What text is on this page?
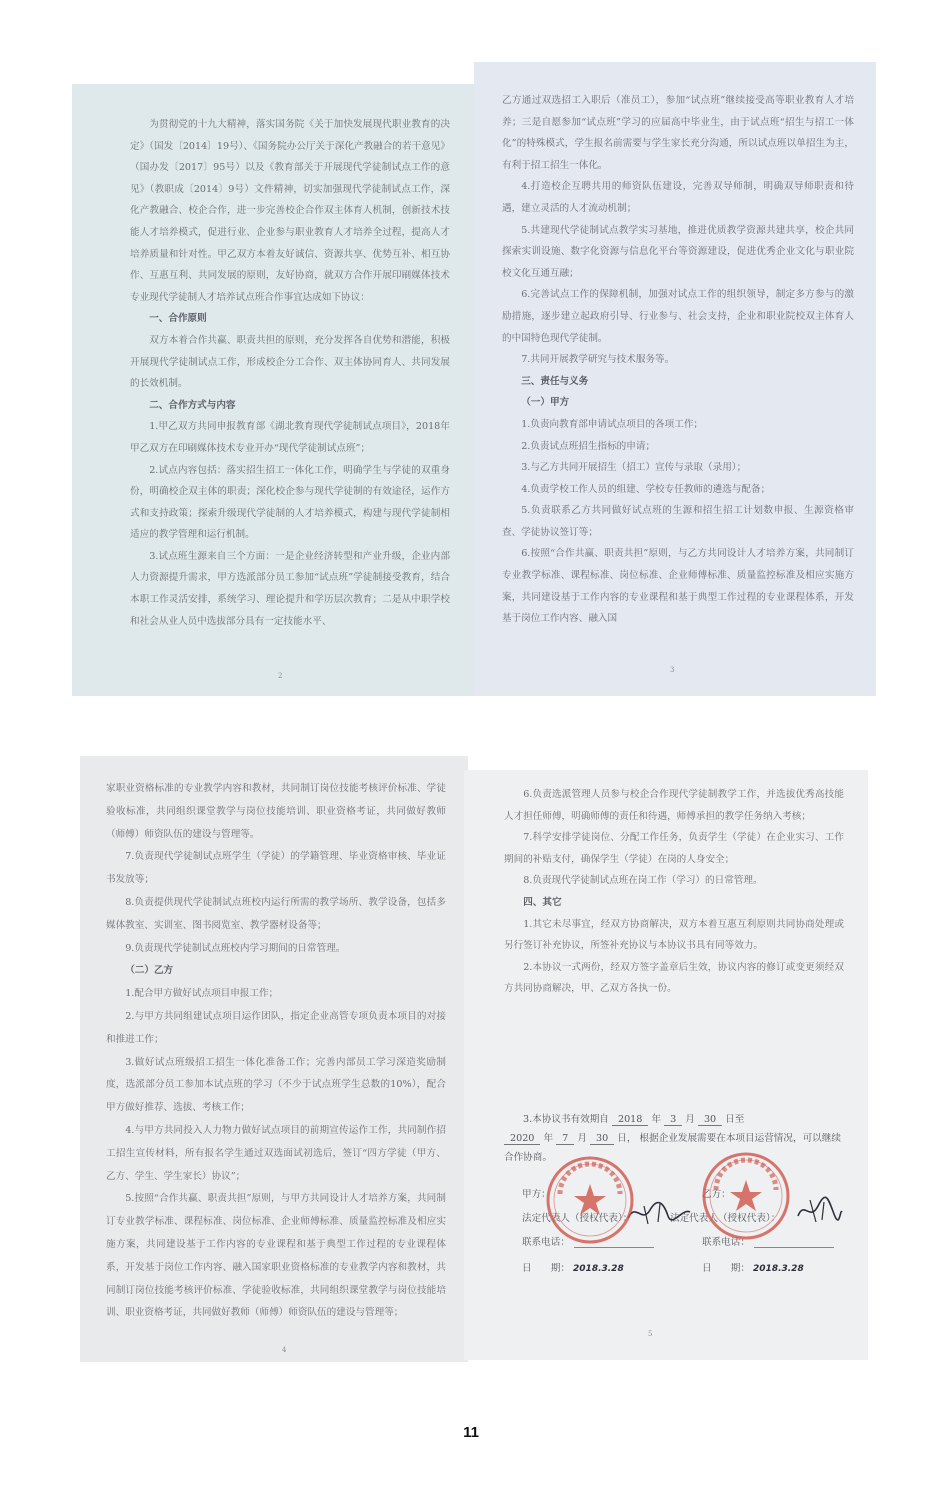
为贯彻党的十九大精神，落实国务院《关于加快发展现代职业教育的决定》（国发〔2014〕19号）、《国务院办公厅关于深化产教融合的若干意见》（国办发〔2017〕95号）以及《教育部关于开展现代学徒制试点工作的意见》（教职成〔2014〕9号）文件精神，切实加强现代学徒制试点工作，深化产教融合、校企合作，进一步完善校企合作双主体育人机制，创新技术技能人才培养模式，促进行业、企业参与职业教育人才培养全过程，提高人才培养质量和针对性。甲乙双方本着友好诚信、资源共享、优势互补、相互协作、互惠互利、共同发展的原则，友好协商，就双方合作开展印刷媒体技术专业现代学徒制人才培养试点班合作事宜达成如下协议：

一、合作原则

双方本着合作共赢、职责共担的原则，充分发挥各自优势和潜能，积极开展现代学徒制试点工作，形成校企分工合作、双主体协同育人、共同发展的长效机制。

二、合作方式与内容

1.甲乙双方共同申报教育部《湖北教育现代学徒制试点项目》，2018年甲乙双方在印刷媒体技术专业开办“现代学徒制试点班”；

2.试点内容包括：落实招生招工一体化工作，明确学生与学徒的双重身份，明确校企双主体的职责；深化校企参与现代学徒制的有效途径，运作方式和支持政策；探索升级现代学徒制的人才培养模式，构建与现代学徒制相适应的教学管理和运行机制。

3.试点班生源来自三个方面：一是企业经济转型和产业升级，企业内部人力资源提升需求，甲方选派部分员工参加“试点班”学徒制接受教育，结合本职工作灵活安排，系统学习、理论提升和学历层次教育；二是从中职学校和社会从业人员中选拔部分具有一定技能水平、

2

乙方通过双选招工入职后（准员工），参加“试点班”继续接受高等职业教育人才培养；三是自愿参加“试点班”学习的应届高中毕业生，由于试点班“招生与招工一体化”的特殊模式，学生报名前需要与学生家长充分沟通，所以试点班以单招生为主，有利于招工招生一体化。

4.打造校企互聘共用的师资队伍建设，完善双导师制，明确双导师职责和待遇，建立灵活的人才流动机制；

5.共建现代学徒制试点教学实习基地，推进优质教学资源共建共享，校企共同探索实训设施、数字化资源与信息化平台等资源建设，促进优秀企业文化与职业院校文化互通互融；

6.完善试点工作的保障机制，加强对试点工作的组织领导，制定多方参与的激励措施，逐步建立起政府引导、行业参与、社会支持，企业和职业院校双主体育人的中国特色现代学徒制。

7.共同开展教学研究与技术服务等。

三、责任与义务

（一）甲方

1.负责向教育部申请试点项目的各项工作；

2.负责试点班招生指标的申请；

3.与乙方共同开展招生（招工）宣传与录取（录用）；

4.负责学校工作人员的组建、学校专任教师的遴选与配备；

5.负责联系乙方共同做好试点班的生源和招生招工计划数申报、生源资格审查、学徒协议签订等；

6.按照“合作共赢、职责共担”原则，与乙方共同设计人才培养方案，共同制订专业教学标准、课程标准、岗位标准、企业师傅标准、质量监控标准及相应实施方案，共同建设基于工作内容的专业课程和基于典型工作过程的专业课程体系，开发基于岗位工作内容、融入国

3

家职业资格标准的专业教学内容和教材，共同制订岗位技能考核评价标准、学徒验收标准，共同组织课堂教学与岗位技能培训、职业资格考证，共同做好教师（师傅）师资队伍的建设与管理等。

7.负责现代学徒制试点班学生（学徒）的学籍管理、毕业资格审核、毕业证书发放等；

8.负责提供现代学徒制试点班校内运行所需的教学场所、教学设备，包括多媒体教室、实训室、图书阅览室、教学器材设备等；

9.负责现代学徒制试点班校内学习期间的日常管理。

（二）乙方

1.配合甲方做好试点项目申报工作；

2.与甲方共同组建试点项目运作团队，指定企业高管专项负责本项目的对接和推进工作；

3.做好试点班级招工招生一体化准备工作；完善内部员工学习深造奖励制度，选派部分员工参加本试点班的学习（不少于试点班学生总数的10%），配合甲方做好推荐、选拔、考核工作；

4.与甲方共同投入人力物力做好试点项目的前期宣传运作工作，共同制作招工招生宣传材料，所有报名学生通过双选面试初选后，签订“四方学徒（甲方、乙方、学生、学生家长）协议”；

5.按照“合作共赢、职责共担”原则，与甲方共同设计人才培养方案，共同制订专业教学标准、课程标准、岗位标准、企业师傅标准、质量监控标准及相应实施方案，共同建设基于工作内容的专业课程和基于典型工作过程的专业课程体系，开发基于岗位工作内容、融入国家职业资格标准的专业教学内容和教材，共同制订岗位技能考核评价标准、学徒验收标准，共同组织课堂教学与岗位技能培训、职业资格考证，共同做好教师（师傅）师资队伍的建设与管理等；

4

6.负责选派管理人员参与校企合作现代学徒制教学工作，并选拔优秀高技能人才担任师傅，明确师傅的责任和待遇，师傅承担的教学任务纳入考核；

7.科学安排学徒岗位、分配工作任务，负责学生（学徒）在企业实习、工作期间的补贴支付，确保学生（学徒）在岗的人身安全；

8.负责现代学徒制试点班在岗工作（学习）的日常管理。

四、其它

1.其它未尽事宜，经双方协商解决，双方本着互惠互利原则共同协商处理或另行签订补充协议，所签补充协议与本协议书具有同等效力。

2.本协议一式两份，经双方签字盖章后生效，协议内容的修订或变更须经双方共同协商解决，甲、乙双方各执一份。

3.本协议书有效期自 2018 年 3 月 30 日至
2020 年 7 月 30 日， 根据企业发展需要在本项目运营情况，可以继续合作协商。
甲方：	乙方：
法定代表人（授权代表）：	法定代表人（授权代表）：
联系电话：	联系电话：
日　　期： 2018.3.28	日　　期： 2018.3.28
5
11
